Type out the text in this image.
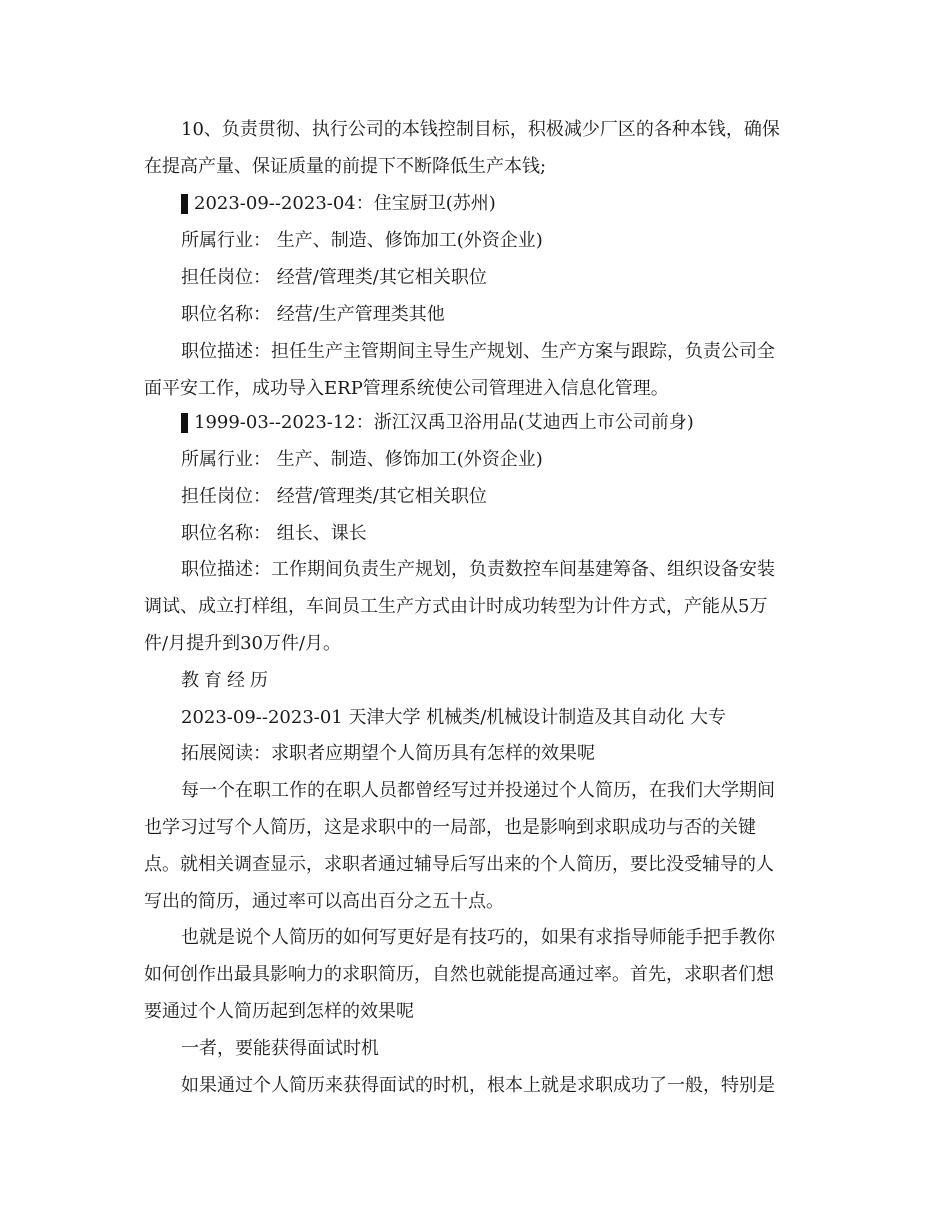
10、负责贯彻、执行公司的本钱控制目标，积极减少厂区的各种本钱，确保
在提高产量、保证质量的前提下不断降低生产本钱;
2023-09--2023-04：住宝厨卫(苏州)
所属行业： 生产、制造、修饰加工(外资企业)
担任岗位： 经营/管理类/其它相关职位
职位名称： 经营/生产管理类其他
职位描述：担任生产主管期间主导生产规划、生产方案与跟踪，负责公司全
面平安工作，成功导入ERP管理系统使公司管理进入信息化管理。
1999-03--2023-12：浙江汉禹卫浴用品(艾迪西上市公司前身)
所属行业： 生产、制造、修饰加工(外资企业)
担任岗位： 经营/管理类/其它相关职位
职位名称： 组长、课长
职位描述：工作期间负责生产规划，负责数控车间基建筹备、组织设备安装
调试、成立打样组，车间员工生产方式由计时成功转型为计件方式，产能从5万
件/月提升到30万件/月。
教育经历
2023-09--2023-01 天津大学 机械类/机械设计制造及其自动化 大专
拓展阅读：求职者应期望个人简历具有怎样的效果呢
每一个在职工作的在职人员都曾经写过并投递过个人简历，在我们大学期间
也学习过写个人简历，这是求职中的一局部，也是影响到求职成功与否的关键
点。就相关调查显示，求职者通过辅导后写出来的个人简历，要比没受辅导的人
写出的简历，通过率可以高出百分之五十点。
也就是说个人简历的如何写更好是有技巧的，如果有求指导师能手把手教你
如何创作出最具影响力的求职简历，自然也就能提高通过率。首先，求职者们想
要通过个人简历起到怎样的效果呢
一者，要能获得面试时机
如果通过个人简历来获得面试的时机，根本上就是求职成功了一般，特别是
